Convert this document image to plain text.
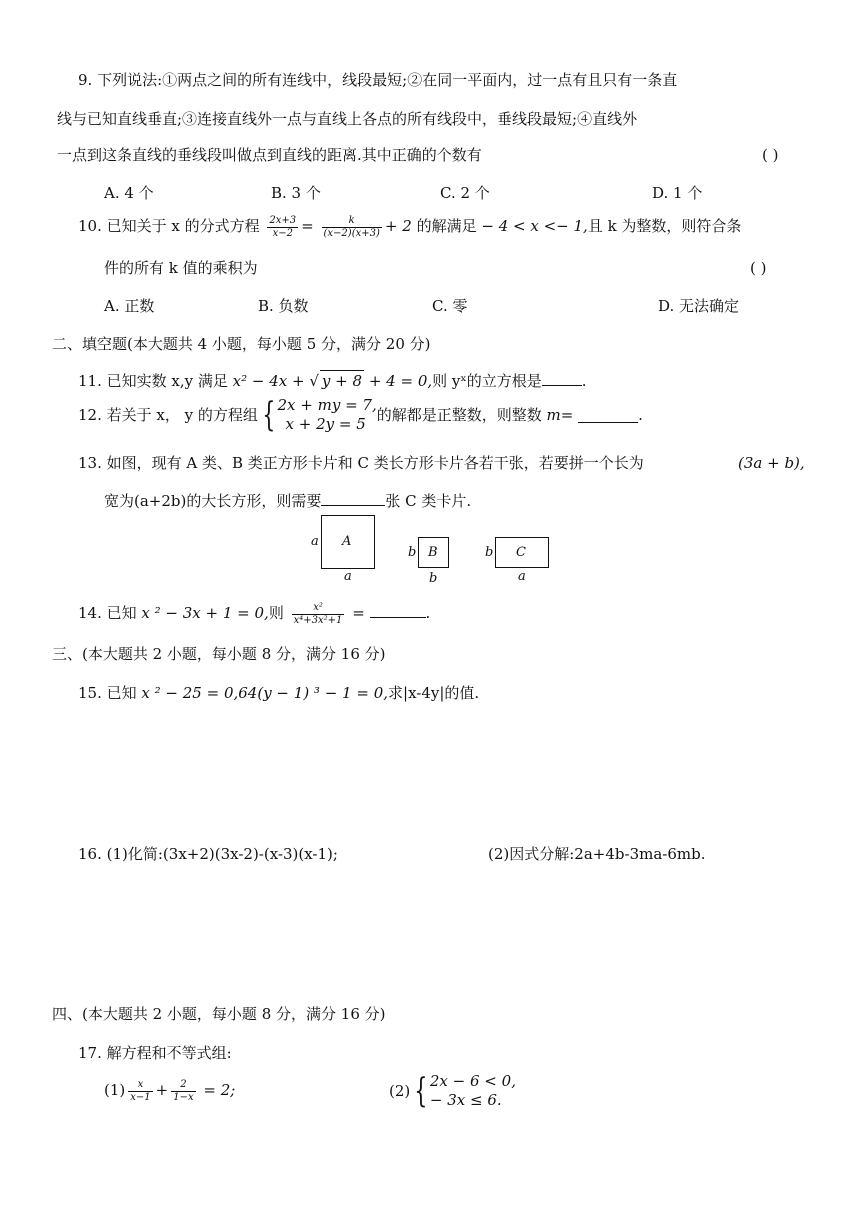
9. 下列说法:①两点之间的所有连线中，线段最短;②在同一平面内，过一点有且只有一条直
线与已知直线垂直;③连接直线外一点与直线上各点的所有线段中，垂线段最短;④直线外
一点到这条直线的垂线段叫做点到直线的距离.其中正确的个数有	( )
A. 4 个	B. 3 个	C. 2 个	D. 1 个
10. 已知关于 x 的分式方程 $\frac{2x+3}{x-2} = \frac{k}{(x-2)(x+3)} + 2$ 的解满足 − 4 < x <− 1,且 k 为整数，则符合条
件的所有 k 值的乘积为	( )
A. 正数	B. 负数	C. 零	D. 无法确定
二、填空题(本大题共 4 小题，每小题 5 分，满分 20 分)
11. 已知实数 x,y 满足 x² − 4x + √ y + 8 + 4 = 0,则 yˣ的立方根是	.
12. 若关于 x， y 的方程组 { 2x + my = 7,
x + 2y = 5 的解都是正整数，则整数 m=	.
13. 如图，现有 A 类、B 类正方形卡片和 C 类长方形卡片各若干张，若要拼一个长为	(3a + b),
宽为(a+2b)的大长方形，则需要	张 C 类卡片.
A
a
a
B
b
b
C
b
a
14. 已知 x ² − 3x + 1 = 0,则 $\frac{\text{x²}}{\text{x⁴+3x²+1}}$ =	.
三、(本大题共 2 小题，每小题 8 分，满分 16 分)
15. 已知 x ² − 25 = 0,64(y − 1) ³ − 1 = 0,求|x-4y|的值.
16. (1)化简:(3x+2)(3x-2)-(x-3)(x-1);	(2)因式分解:2a+4b-3ma-6mb.
四、(本大题共 2 小题，每小题 8 分，满分 16 分)
17. 解方程和不等式组:
$(1) \frac{x}{x-1} + \frac{2}{1-x} = 2$;	(2) { 2x − 6 < 0,
− 3x ≤ 6.
